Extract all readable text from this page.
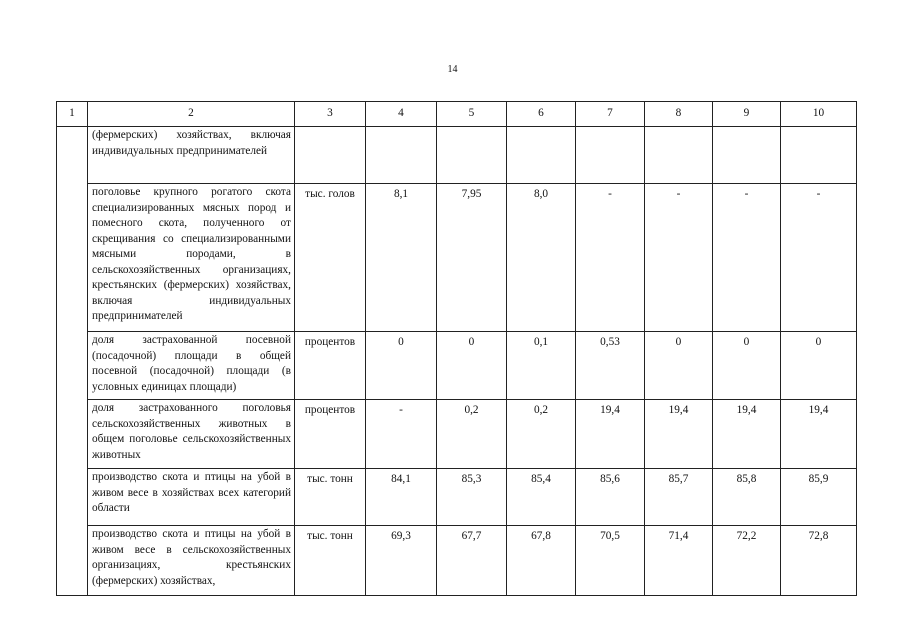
14
1	2	3	4	5	6	7	8	9	10
	(фермерских) хозяйствах, включая индивидуальных предпринимателей								
	поголовье крупного рогатого скота специализированных мясных пород и помесного скота, полученного от скрещивания со специализированными мясными породами, в сельскохозяйственных организациях, крестьянских (фермерских) хозяйствах, включая индивидуальных предпринимателей	тыс. голов	8,1	7,95	8,0	-	-	-	-
	доля застрахованной посевной (посадочной) площади в общей посевной (посадочной) площади (в условных единицах площади)	процентов	0	0	0,1	0,53	0	0	0
	доля застрахованного поголовья сельскохозяйственных животных в общем поголовье сельскохозяйственных животных	процентов	-	0,2	0,2	19,4	19,4	19,4	19,4
	производство скота и птицы на убой в живом весе в хозяйствах всех категорий области	тыс. тонн	84,1	85,3	85,4	85,6	85,7	85,8	85,9
	производство скота и птицы на убой в живом весе в сельскохозяйственных организациях, крестьянских (фермерских) хозяйствах,	тыс. тонн	69,3	67,7	67,8	70,5	71,4	72,2	72,8
